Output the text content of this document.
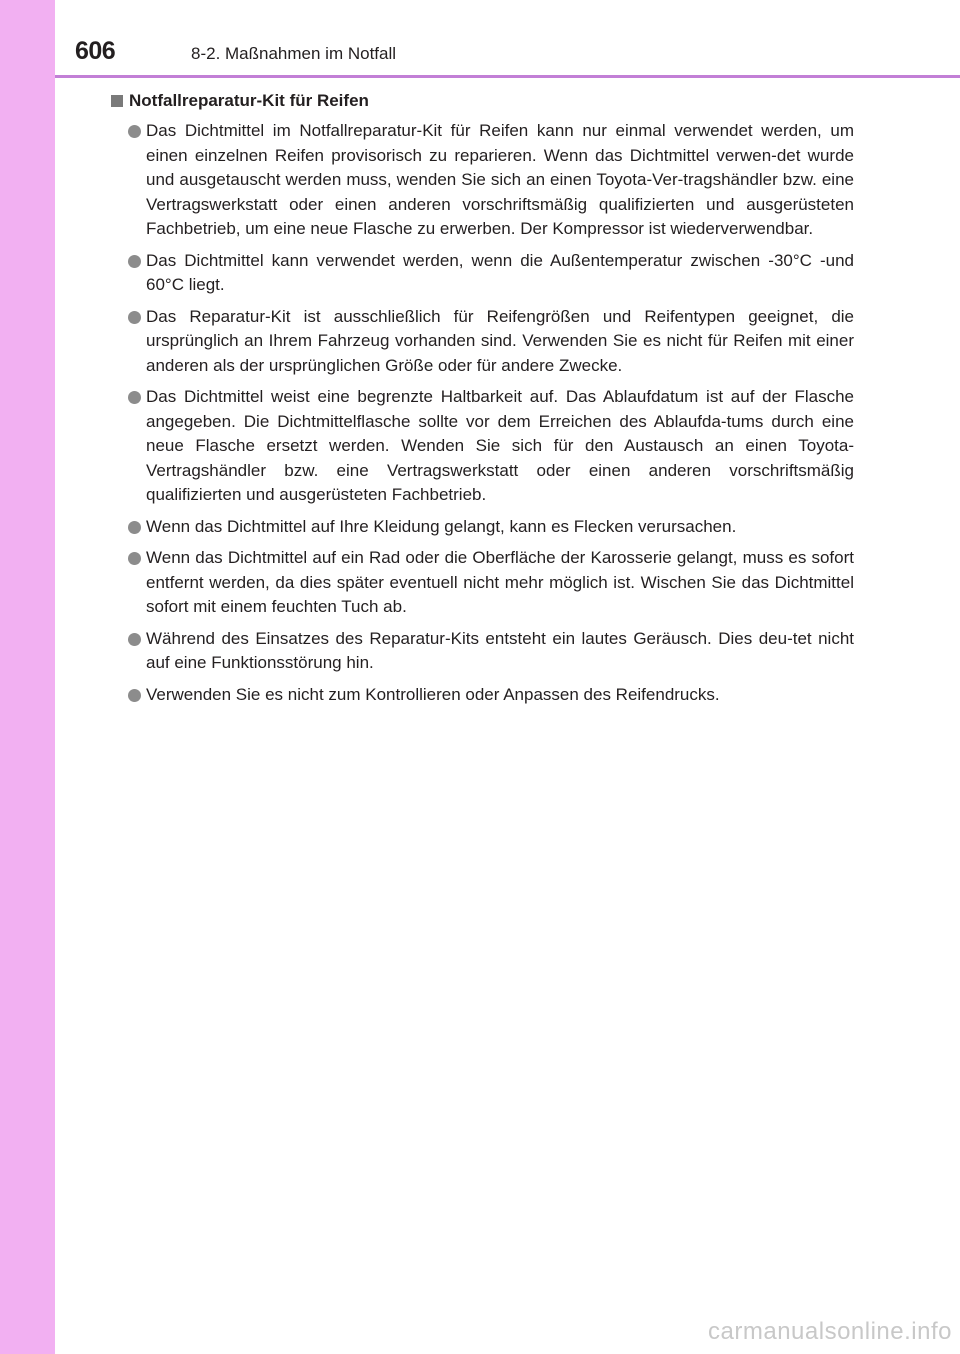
606	8-2. Maßnahmen im Notfall
Notfallreparatur-Kit für Reifen
Das Dichtmittel im Notfallreparatur-Kit für Reifen kann nur einmal verwendet werden, um einen einzelnen Reifen provisorisch zu reparieren. Wenn das Dichtmittel verwen-det wurde und ausgetauscht werden muss, wenden Sie sich an einen Toyota-Ver-tragshändler bzw. eine Vertragswerkstatt oder einen anderen vorschriftsmäßig qualifizierten und ausgerüsteten Fachbetrieb, um eine neue Flasche zu erwerben. Der Kompressor ist wiederverwendbar.
Das Dichtmittel kann verwendet werden, wenn die Außentemperatur zwischen -30°C -und 60°C liegt.
Das Reparatur-Kit ist ausschließlich für Reifengrößen und Reifentypen geeignet, die ursprünglich an Ihrem Fahrzeug vorhanden sind. Verwenden Sie es nicht für Reifen mit einer anderen als der ursprünglichen Größe oder für andere Zwecke.
Das Dichtmittel weist eine begrenzte Haltbarkeit auf. Das Ablaufdatum ist auf der Flasche angegeben. Die Dichtmittelflasche sollte vor dem Erreichen des Ablaufda-tums durch eine neue Flasche ersetzt werden. Wenden Sie sich für den Austausch an einen Toyota-Vertragshändler bzw. eine Vertragswerkstatt oder einen anderen vorschriftsmäßig qualifizierten und ausgerüsteten Fachbetrieb.
Wenn das Dichtmittel auf Ihre Kleidung gelangt, kann es Flecken verursachen.
Wenn das Dichtmittel auf ein Rad oder die Oberfläche der Karosserie gelangt, muss es sofort entfernt werden, da dies später eventuell nicht mehr möglich ist. Wischen Sie das Dichtmittel sofort mit einem feuchten Tuch ab.
Während des Einsatzes des Reparatur-Kits entsteht ein lautes Geräusch. Dies deu-tet nicht auf eine Funktionsstörung hin.
Verwenden Sie es nicht zum Kontrollieren oder Anpassen des Reifendrucks.
carmanualsonline.info
